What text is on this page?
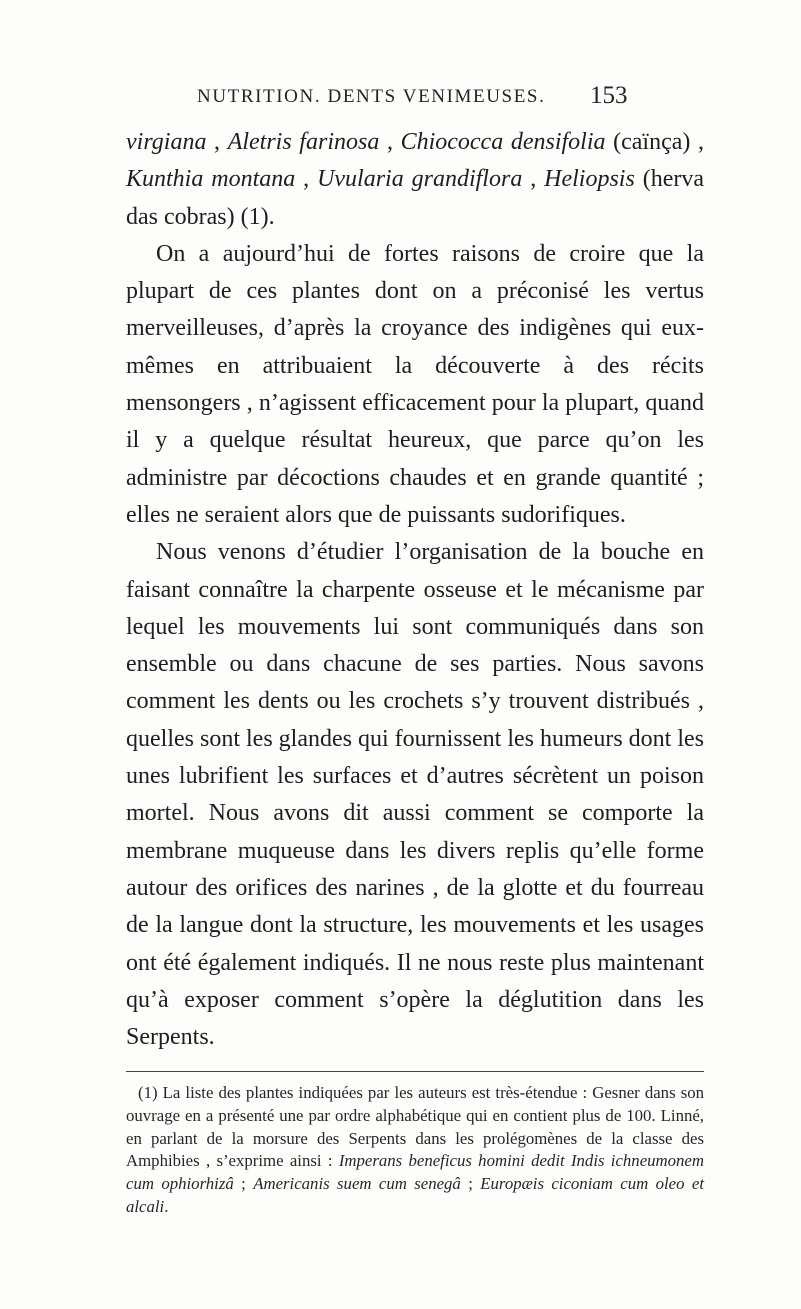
NUTRITION. DENTS VENIMEUSES. 153

virgiana , Aletris farinosa , Chiococca densifolia (caïnça) , Kunthia montana , Uvularia grandiflora , Heliopsis (herva das cobras) (1).

On a aujourd’hui de fortes raisons de croire que la plupart de ces plantes dont on a préconisé les vertus merveilleuses, d’après la croyance des indigènes qui eux-mêmes en attribuaient la découverte à des récits mensongers , n’agissent efficacement pour la plupart, quand il y a quelque résultat heureux, que parce qu’on les administre par décoctions chaudes et en grande quantité ; elles ne seraient alors que de puissants sudorifiques.

Nous venons d’étudier l’organisation de la bouche en faisant connaître la charpente osseuse et le mécanisme par lequel les mouvements lui sont communiqués dans son ensemble ou dans chacune de ses parties. Nous savons comment les dents ou les crochets s’y trouvent distribués , quelles sont les glandes qui fournissent les humeurs dont les unes lubrifient les surfaces et d’autres sécrètent un poison mortel. Nous avons dit aussi comment se comporte la membrane muqueuse dans les divers replis qu’elle forme autour des orifices des narines , de la glotte et du fourreau de la langue dont la structure, les mouvements et les usages ont été également indiqués. Il ne nous reste plus maintenant qu’à exposer comment s’opère la déglutition dans les Serpents.

(1) La liste des plantes indiquées par les auteurs est très-étendue : Gesner dans son ouvrage en a présenté une par ordre alphabétique qui en contient plus de 100. Linné, en parlant de la morsure des Serpents dans les prolégomènes de la classe des Amphibies , s’exprime ainsi : Imperans beneficus homini dedit Indis ichneumonem cum ophiorhizâ ; Americanis suem cum senegâ ; Europæis ciconiam cum oleo et alcali.
